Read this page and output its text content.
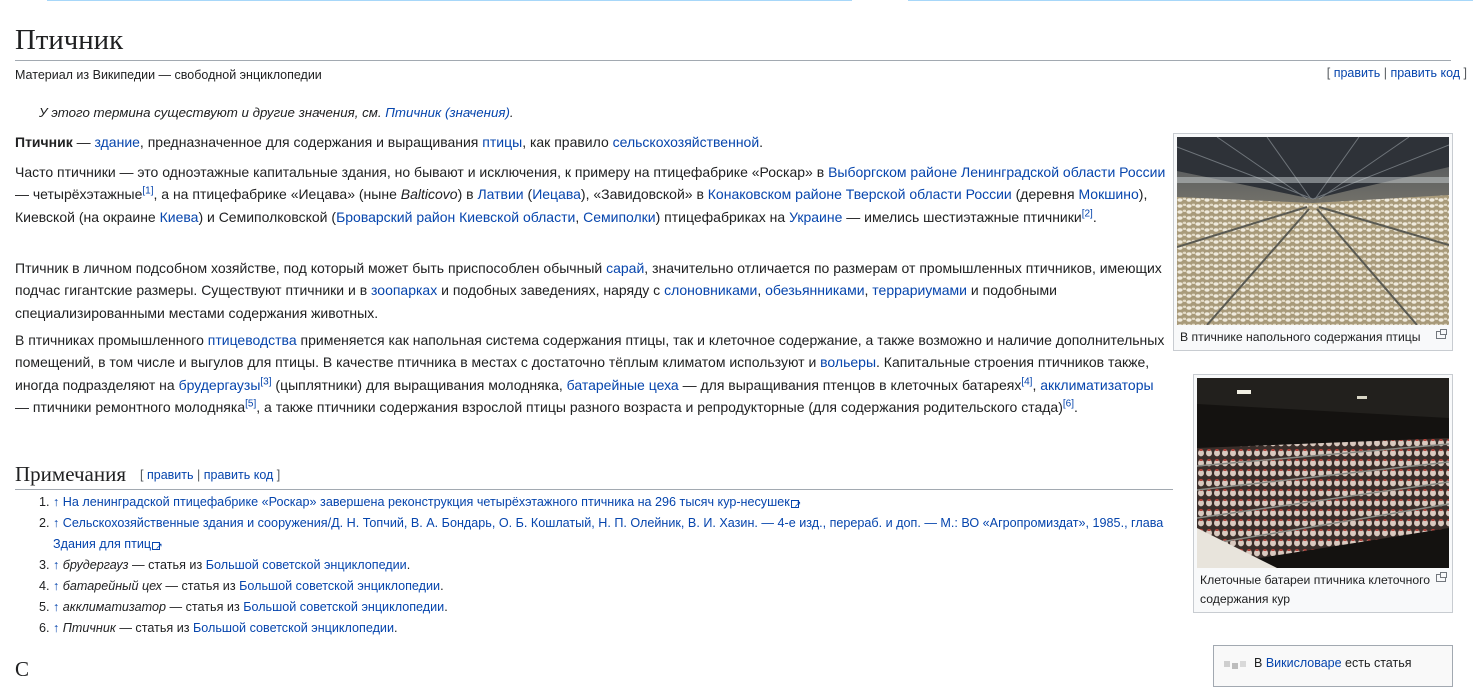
Птичник
Материал из Википедии — свободной энциклопедии	[ править | править код ]
У этого термина существуют и другие значения, см. Птичник (значения).

Птичник — здание, предназначенное для содержания и выращивания птицы, как правило сельскохозяйственной.

Часто птичники — это одноэтажные капитальные здания, но бывают и исключения, к примеру на птицефабрике «Роскар» в Выборгском районе Ленинградской области России — четырёхэтажные[1], а на птицефабрике «Иецава» (ныне Balticovo) в Латвии (Иецава), «Завидовской» в Конаковском районе Тверской области России (деревня Мокшино), Киевской (на окраине Киева) и Семиполковской (Броварский район Киевской области, Семиполки) птицефабриках на Украине — имелись шестиэтажные птичники[2].

Птичник в личном подсобном хозяйстве, под который может быть приспособлен обычный сарай, значительно отличается по размерам от промышленных птичников, имеющих подчас гигантские размеры. Существуют птичники и в зоопарках и подобных заведениях, наряду с слоновниками, обезьянниками, террариумами и подобными специализированными местами содержания животных.

В птичниках промышленного птицеводства применяется как напольная система содержания птицы, так и клеточное содержание, а также возможно и наличие дополнительных помещений, в том числе и выгулов для птицы. В качестве птичника в местах с достаточно тёплым климатом используют и вольеры. Капитальные строения птичников также, иногда подразделяют на брудергаузы[3] (цыплятники) для выращивания молодняка, батарейные цеха — для выращивания птенцов в клеточных батареях[4], акклиматизаторы — птичники ремонтного молодняка[5], а также птичники содержания взрослой птицы разного возраста и репродукторные (для содержания родительского стада)[6].

Примечания [ править | править код ]
1. ↑ На ленинградской птицефабрике «Роскар» завершена реконструкция четырёхэтажного птичника на 296 тысяч кур-несушек↗
2. ↑ Сельскохозяйственные здания и сооружения/Д. Н. Топчий, В. А. Бондарь, О. Б. Кошлатый, Н. П. Олейник, В. И. Хазин. — 4-е изд., перераб. и доп. — М.: ВО «Агропромиздат», 1985., глава Здания для птиц↗
3. ↑ брудергауз — статья из Большой советской энциклопедии.
4. ↑ батарейный цех — статья из Большой советской энциклопедии.
5. ↑ акклиматизатор — статья из Большой советской энциклопедии.
6. ↑ Птичник — статья из Большой советской энциклопедии.
В птичнике напольного содержания птицы
Клеточные батареи птичника клеточного содержания кур
В Викисловаре есть статья
С
